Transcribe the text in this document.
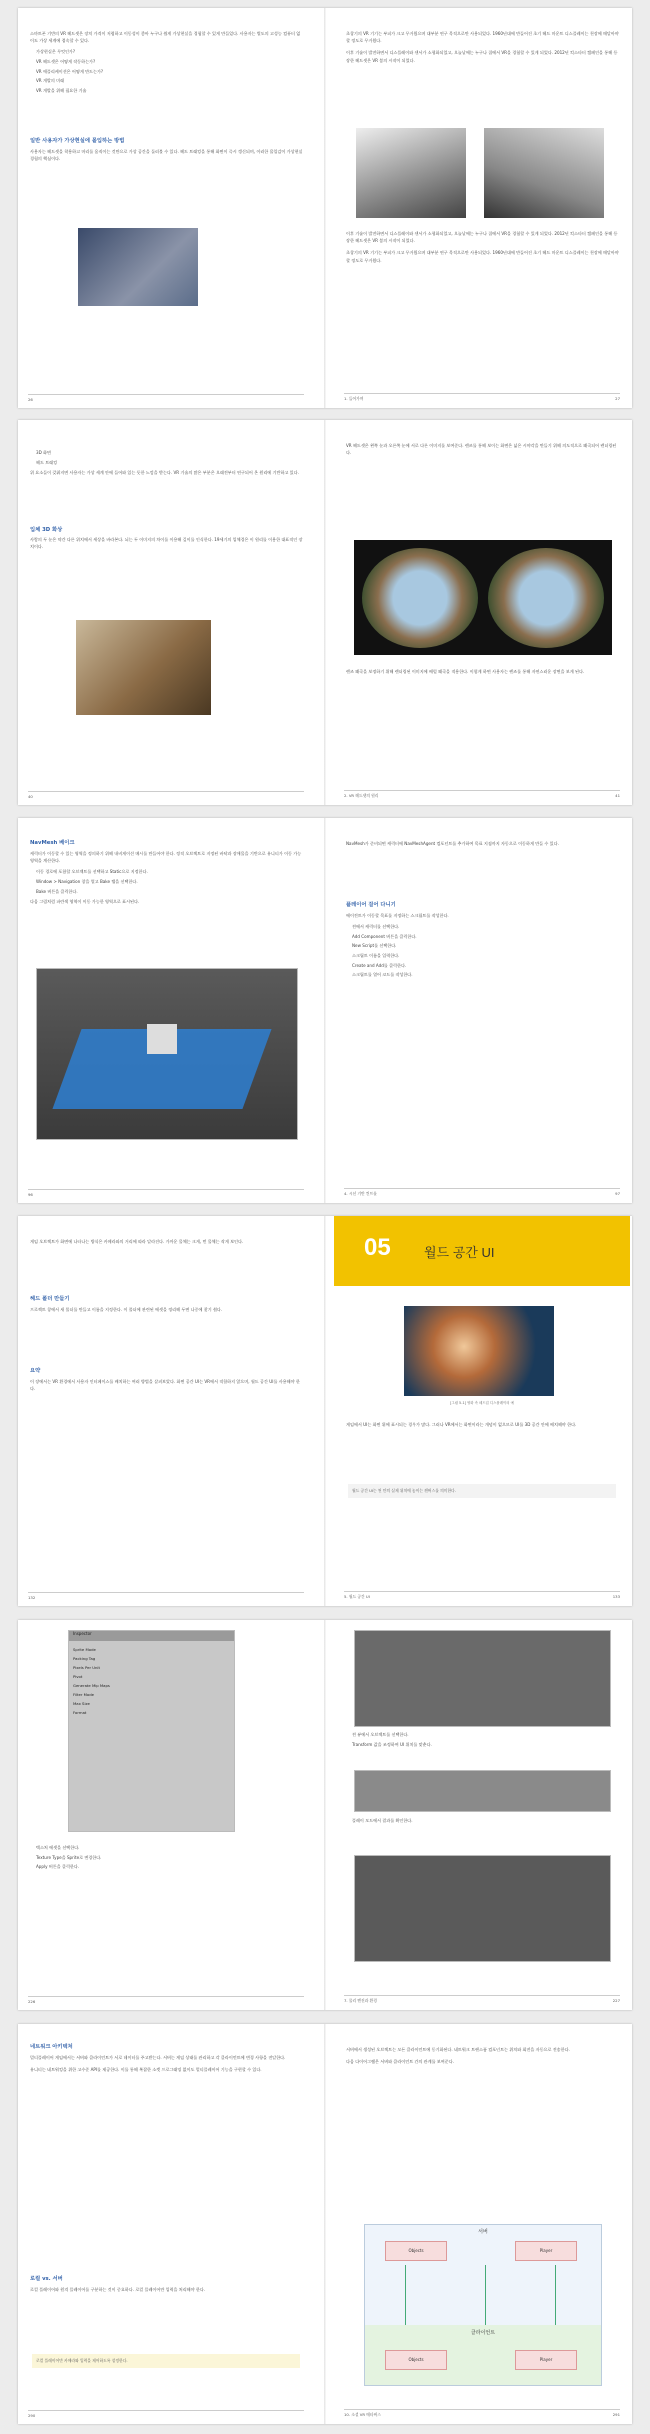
스마트폰 기반의 VR 헤드셋은 장치 가격이 저렴하고 이동성이 좋아 누구나 쉽게 가상현실을 경험할 수 있게 만들었다. 사용자는 별도의 고성능 컴퓨터 없이도 가상 세계에 접속할 수 있다.

가상현실은 무엇인가?
VR 헤드셋은 어떻게 작동하는가?
VR 애플리케이션은 어떻게 만드는가?
VR 개발의 미래
VR 개발을 위해 필요한 기술
일반 사용자가 가상현실에 몰입하는 방법

사용자는 헤드셋을 착용하고 머리를 움직이는 것만으로 가상 공간을 둘러볼 수 있다. 헤드 트래킹을 통해 화면이 즉시 갱신되며, 이러한 몰입감이 가상현실 경험의 핵심이다.

26

초창기의 VR 기기는 부피가 크고 무거웠으며 대부분 연구 목적으로만 사용되었다. 1960년대에 만들어진 초기 헤드 마운트 디스플레이는 천장에 매달아야 할 정도로 무거웠다.

이후 기술이 발전하면서 디스플레이와 센서가 소형화되었고, 오늘날에는 누구나 집에서 VR을 경험할 수 있게 되었다. 2012년 킥스타터 캠페인을 통해 등장한 헤드셋은 VR 붐의 시작이 되었다.

이후 기술이 발전하면서 디스플레이와 센서가 소형화되었고, 오늘날에는 누구나 집에서 VR을 경험할 수 있게 되었다. 2012년 킥스타터 캠페인을 통해 등장한 헤드셋은 VR 붐의 시작이 되었다.

초창기의 VR 기기는 부피가 크고 무거웠으며 대부분 연구 목적으로만 사용되었다. 1960년대에 만들어진 초기 헤드 마운트 디스플레이는 천장에 매달아야 할 정도로 무거웠다.

1. 들어가며	27
3D 화면
헤드 트래킹

위 요소들이 갖춰지면 사용자는 가상 세계 안에 들어와 있는 듯한 느낌을 받는다. VR 기술의 많은 부분은 오래전부터 연구되어 온 원리에 기반하고 있다.

입체 3D 화상

사람의 두 눈은 약간 다른 위치에서 세상을 바라본다. 뇌는 두 이미지의 차이를 이용해 깊이를 인식한다. 19세기의 입체경은 이 원리를 이용한 대표적인 장치이다.

40

VR 헤드셋은 왼쪽 눈과 오른쪽 눈에 서로 다른 이미지를 보여준다. 렌즈를 통해 보이는 화면은 넓은 시야각을 만들기 위해 의도적으로 왜곡되어 렌더링된다.

렌즈 왜곡을 보정하기 위해 렌더링된 이미지에 배럴 왜곡을 적용한다. 이렇게 하면 사용자는 렌즈를 통해 자연스러운 장면을 보게 된다.

2. VR 헤드셋의 원리	41
NavMesh 베이크

캐릭터가 이동할 수 있는 영역을 정의하기 위해 내비게이션 메시를 만들어야 한다. 정적 오브젝트로 지정된 바닥과 장애물을 기반으로 유니티가 이동 가능 영역을 계산한다.

이동 경로에 포함할 오브젝트를 선택하고 Static으로 지정한다.
Window > Navigation 창을 열고 Bake 탭을 선택한다.
Bake 버튼을 클릭한다.

다음 그림처럼 파란색 영역이 이동 가능한 영역으로 표시된다.

96

NavMesh가 준비되면 캐릭터에 NavMeshAgent 컴포넌트를 추가하여 목표 지점까지 자동으로 이동하게 만들 수 있다.

플레이어 걸어 다니기

에이전트가 이동할 목표를 지정하는 스크립트를 작성한다.

씬에서 캐릭터를 선택한다.
Add Component 버튼을 클릭한다.
New Script를 선택한다.
스크립트 이름을 입력한다.
Create and Add를 클릭한다.
스크립트를 열어 코드를 작성한다.
4. 시선 기반 컨트롤	97

게임 오브젝트가 화면에 나타나는 방식은 카메라와의 거리에 따라 달라진다. 가까운 물체는 크게, 먼 물체는 작게 보인다.

헤드 폴더 만들기

프로젝트 창에서 새 폴더를 만들고 이름을 지정한다. 이 폴더에 관련된 에셋을 정리해 두면 나중에 찾기 쉽다.

요약

이 장에서는 VR 환경에서 사용자 인터페이스를 배치하는 여러 방법을 살펴보았다. 화면 공간 UI는 VR에서 적합하지 않으며, 월드 공간 UI를 사용해야 한다.

132
05	월드 공간 UI
[그림 5-1] 영화 속 헤드업 디스플레이의 예

게임에서 UI는 화면 위에 표시되는 경우가 많다. 그러나 VR에서는 화면이라는 개념이 없으므로 UI를 3D 공간 안에 배치해야 한다.

월드 공간 UI는 씬 안의 실제 위치에 놓이는 캔버스를 의미한다.
5. 월드 공간 UI	133
Inspector
Sprite Mode
Packing Tag
Pixels Per Unit
Pivot
Generate Mip Maps
Filter Mode
Max Size
Format
텍스처 에셋을 선택한다.
Texture Type을 Sprite로 변경한다.
Apply 버튼을 클릭한다.
226
씬 뷰에서 오브젝트를 선택한다.
Transform 값을 조정하여 UI 위치를 맞춘다.
플레이 모드에서 결과를 확인한다.
7. 물리 엔진과 환경	227
네트워크 아키텍처

멀티플레이어 게임에서는 서버와 클라이언트가 서로 데이터를 주고받는다. 서버는 게임 상태를 관리하고 각 클라이언트에 변경 사항을 전달한다.

유니티는 네트워킹을 위한 고수준 API를 제공한다. 이를 통해 복잡한 소켓 프로그래밍 없이도 멀티플레이어 기능을 구현할 수 있다.

로컬 vs. 서버

로컬 플레이어와 원격 플레이어를 구분하는 것이 중요하다. 로컬 플레이어만 입력을 처리해야 한다.

로컬 플레이어만 카메라와 입력을 제어하도록 설정한다.
290

서버에서 생성된 오브젝트는 모든 클라이언트에 동기화된다. 네트워크 트랜스폼 컴포넌트는 위치와 회전을 자동으로 전송한다.

다음 다이어그램은 서버와 클라이언트 간의 관계를 보여준다.

서버
Objects	Player
클라이언트
Objects	Player
10. 소셜 VR 메타버스	291
